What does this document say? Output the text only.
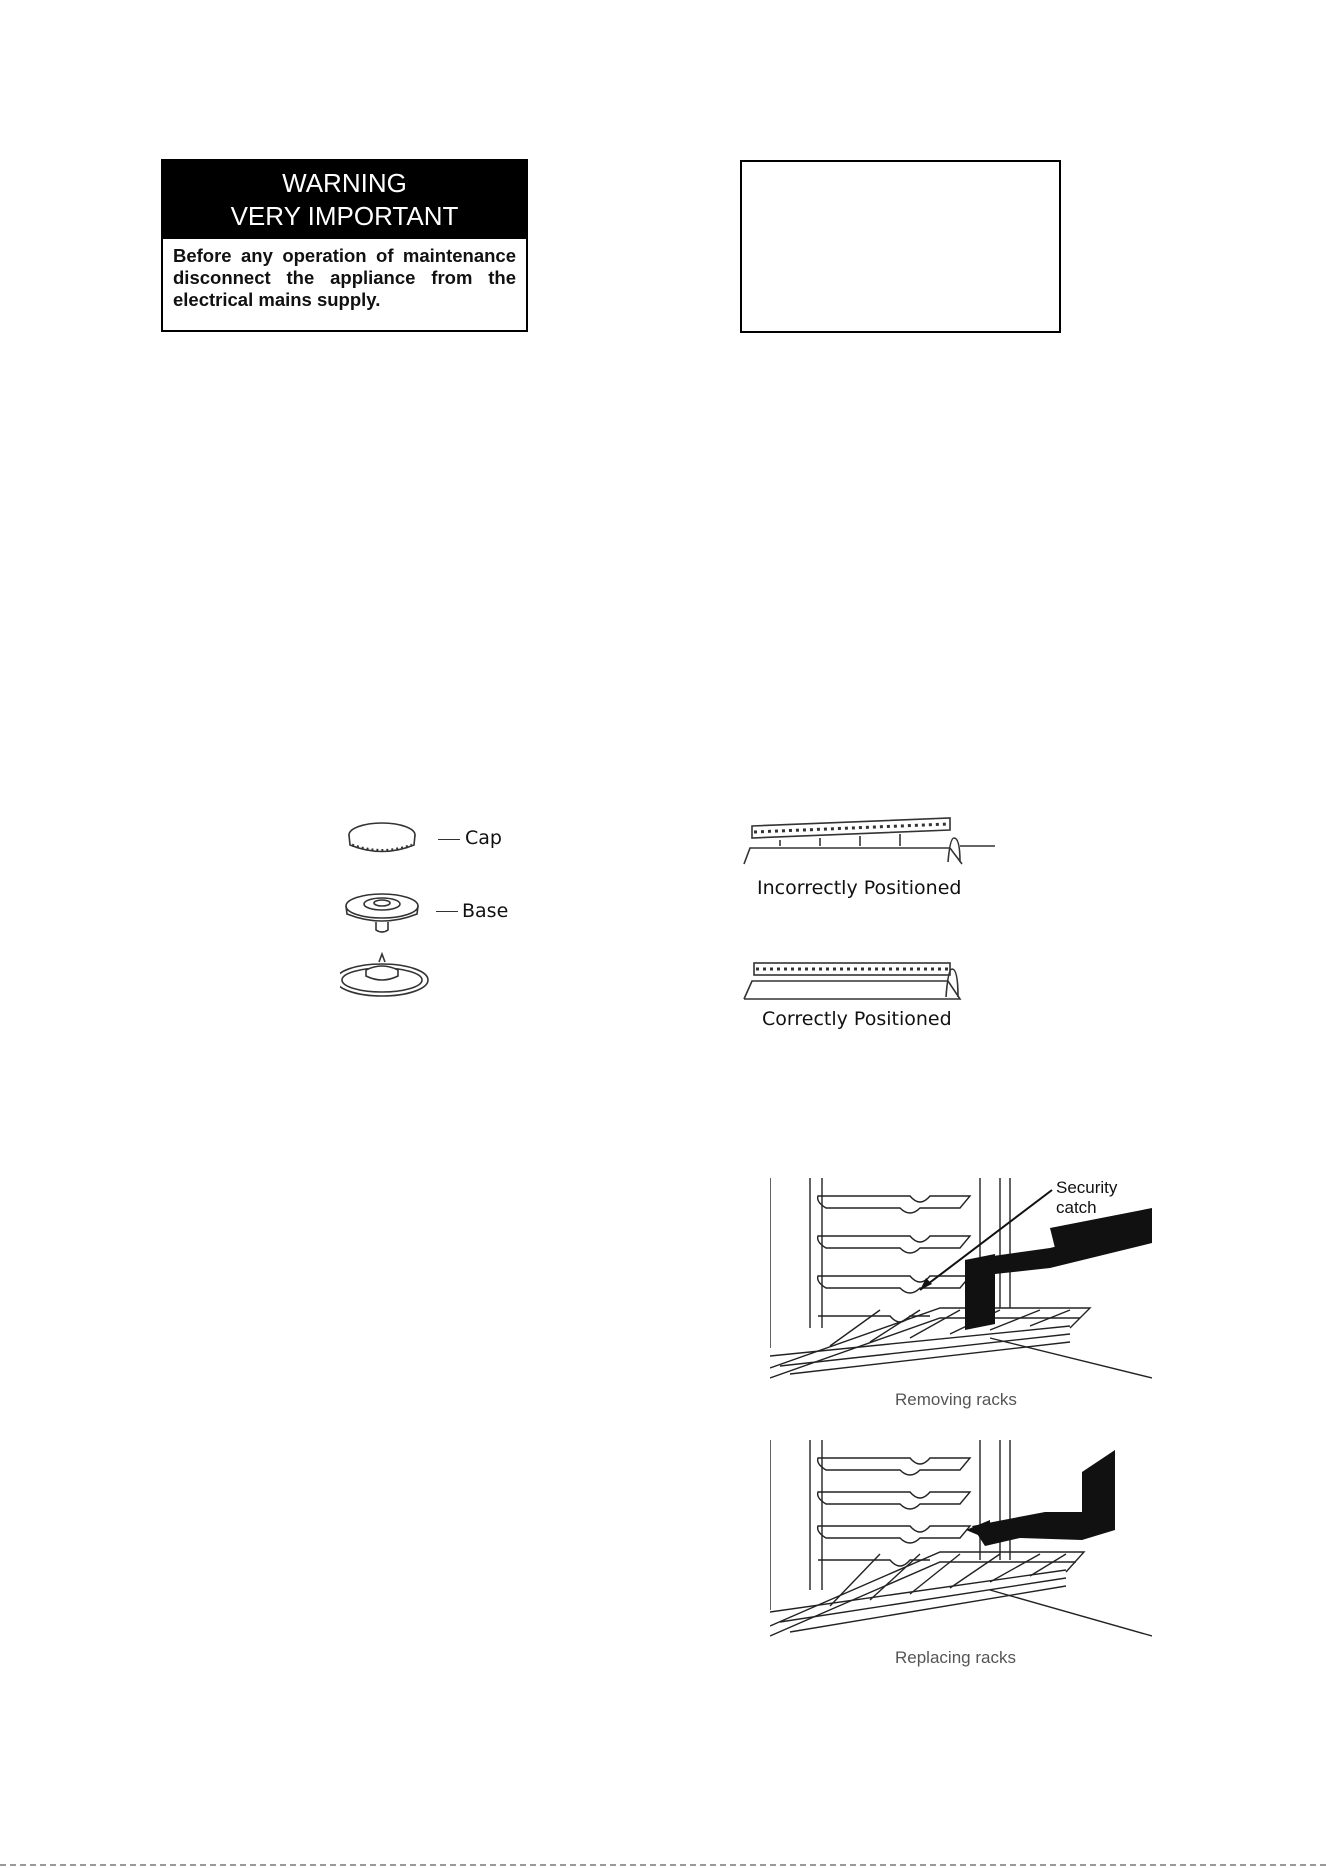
WARNING
VERY IMPORTANT
Before any operation of maintenance disconnect the appliance from the electrical mains supply.
Cap
Base
Incorrectly Positioned
Correctly Positioned
Security
catch
Removing racks
Replacing racks
